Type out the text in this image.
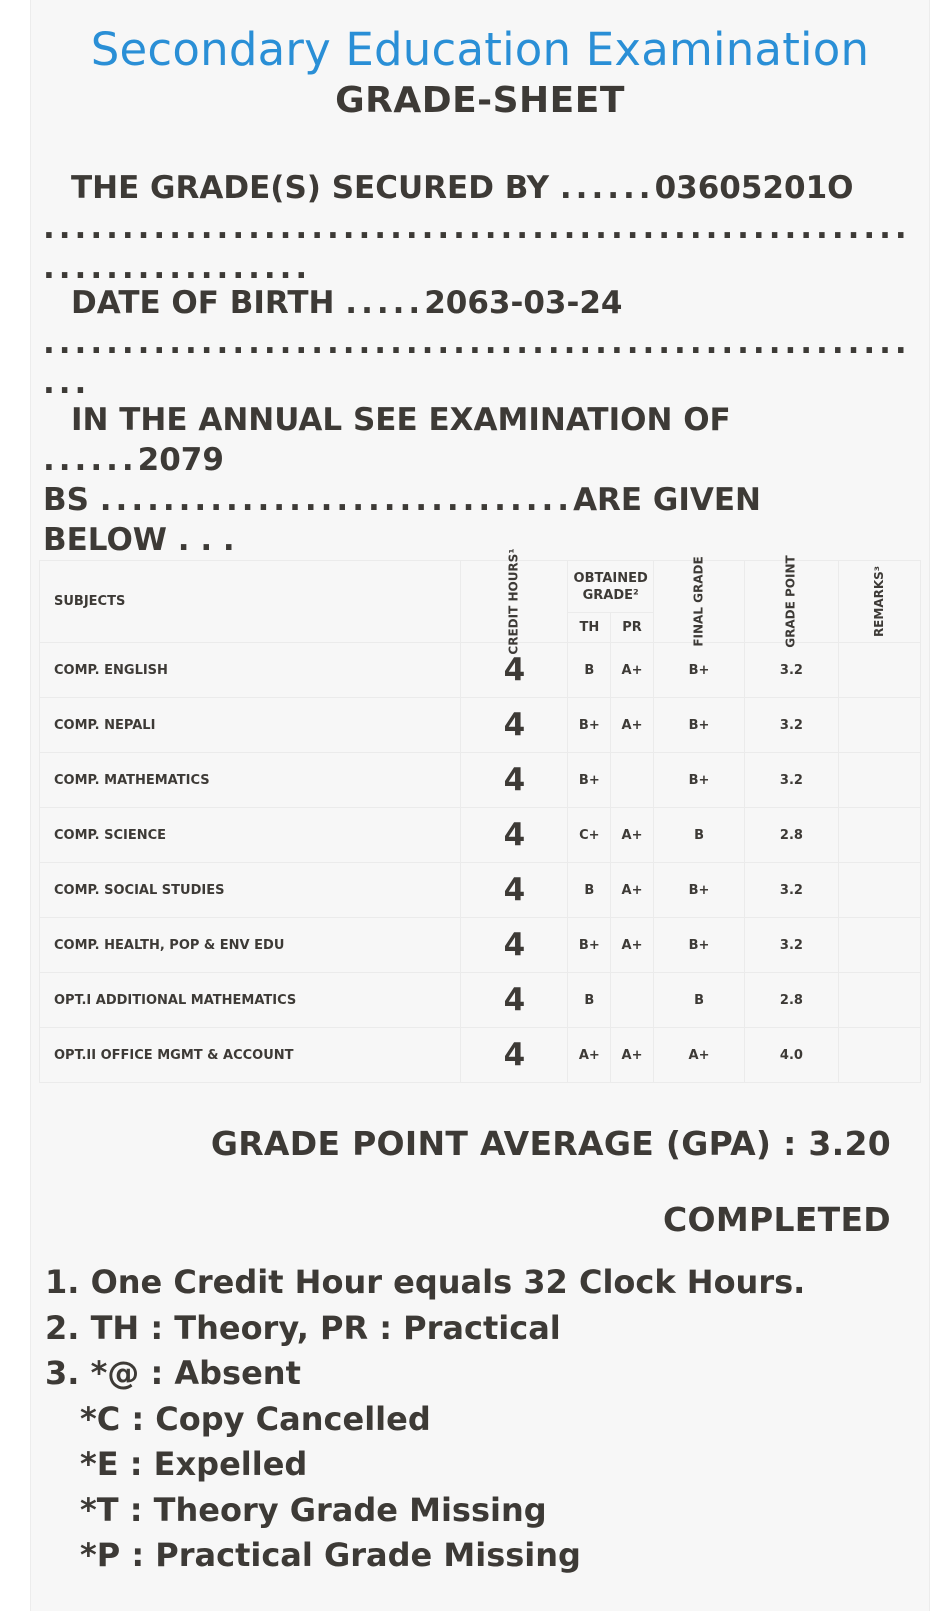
Secondary Education Examination
GRADE-SHEET

THE GRADE(S) SECURED BY ......03605201O ........................................................................

DATE OF BIRTH .....2063-03-24 ..........................................................

IN THE ANNUAL SEE EXAMINATION OF ......2079
BS ..............................ARE GIVEN
BELOW . . .

SUBJECTS	CREDIT HOURS¹	OBTAINED GRADE²		FINAL GRADE	GRADE POINT	REMARKS³
		TH	PR			
COMP. ENGLISH	4	B	A+	B+	3.2	
COMP. NEPALI	4	B+	A+	B+	3.2	
COMP. MATHEMATICS	4	B+		B+	3.2	
COMP. SCIENCE	4	C+	A+	B	2.8	
COMP. SOCIAL STUDIES	4	B	A+	B+	3.2	
COMP. HEALTH, POP & ENV EDU	4	B+	A+	B+	3.2	
OPT.I ADDITIONAL MATHEMATICS	4	B		B	2.8	
OPT.II OFFICE MGMT & ACCOUNT	4	A+	A+	A+	4.0	
GRADE POINT AVERAGE (GPA) : 3.20
COMPLETED
1. One Credit Hour equals 32 Clock Hours.
2. TH : Theory, PR : Practical
3. *@ : Absent
*C : Copy Cancelled
*E : Expelled
*T : Theory Grade Missing
*P : Practical Grade Missing
